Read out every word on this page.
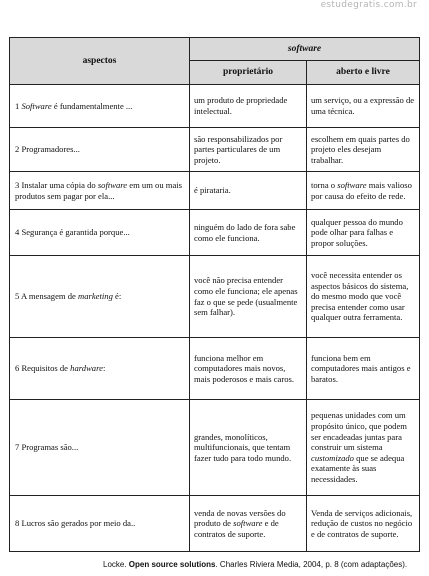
estudegratis.com.br
aspectos	software	
	proprietário	aberto e livre
1 Software é fundamentalmente ...	um produto de propriedade intelectual.	um serviço, ou a expressão de uma técnica.
2 Programadores...	são responsabilizados por partes particulares de um projeto.	escolhem em quais partes do projeto eles desejam trabalhar.
3 Instalar uma cópia do software em um ou mais produtos sem pagar por ela...	é pirataria.	torna o software mais valioso por causa do efeito de rede.
4 Segurança é garantida porque...	ninguém do lado de fora sabe como ele funciona.	qualquer pessoa do mundo pode olhar para falhas e propor soluções.
5 A mensagem de marketing é:	você não precisa entender como ele funciona; ele apenas faz o que se pede (usualmente sem falhar).	você necessita entender os aspectos básicos do sistema, do mesmo modo que você precisa entender como usar qualquer outra ferramenta.
6 Requisitos de hardware:	funciona melhor em computadores mais novos, mais poderosos e mais caros.	funciona bem em computadores mais antigos e baratos.
7 Programas são...	grandes, monolíticos, multifuncionais, que tentam fazer tudo para todo mundo.	pequenas unidades com um propósito único, que podem ser encadeadas juntas para construir um sistema customizado que se adequa exatamente às suas necessidades.
8 Lucros são gerados por meio da..	venda de novas versões do produto de software e de contratos de suporte.	Venda de serviços adicionais, redução de custos no negócio e de contratos de suporte.
Locke. Open source solutions. Charles Riviera Media, 2004, p. 8 (com adaptações).
